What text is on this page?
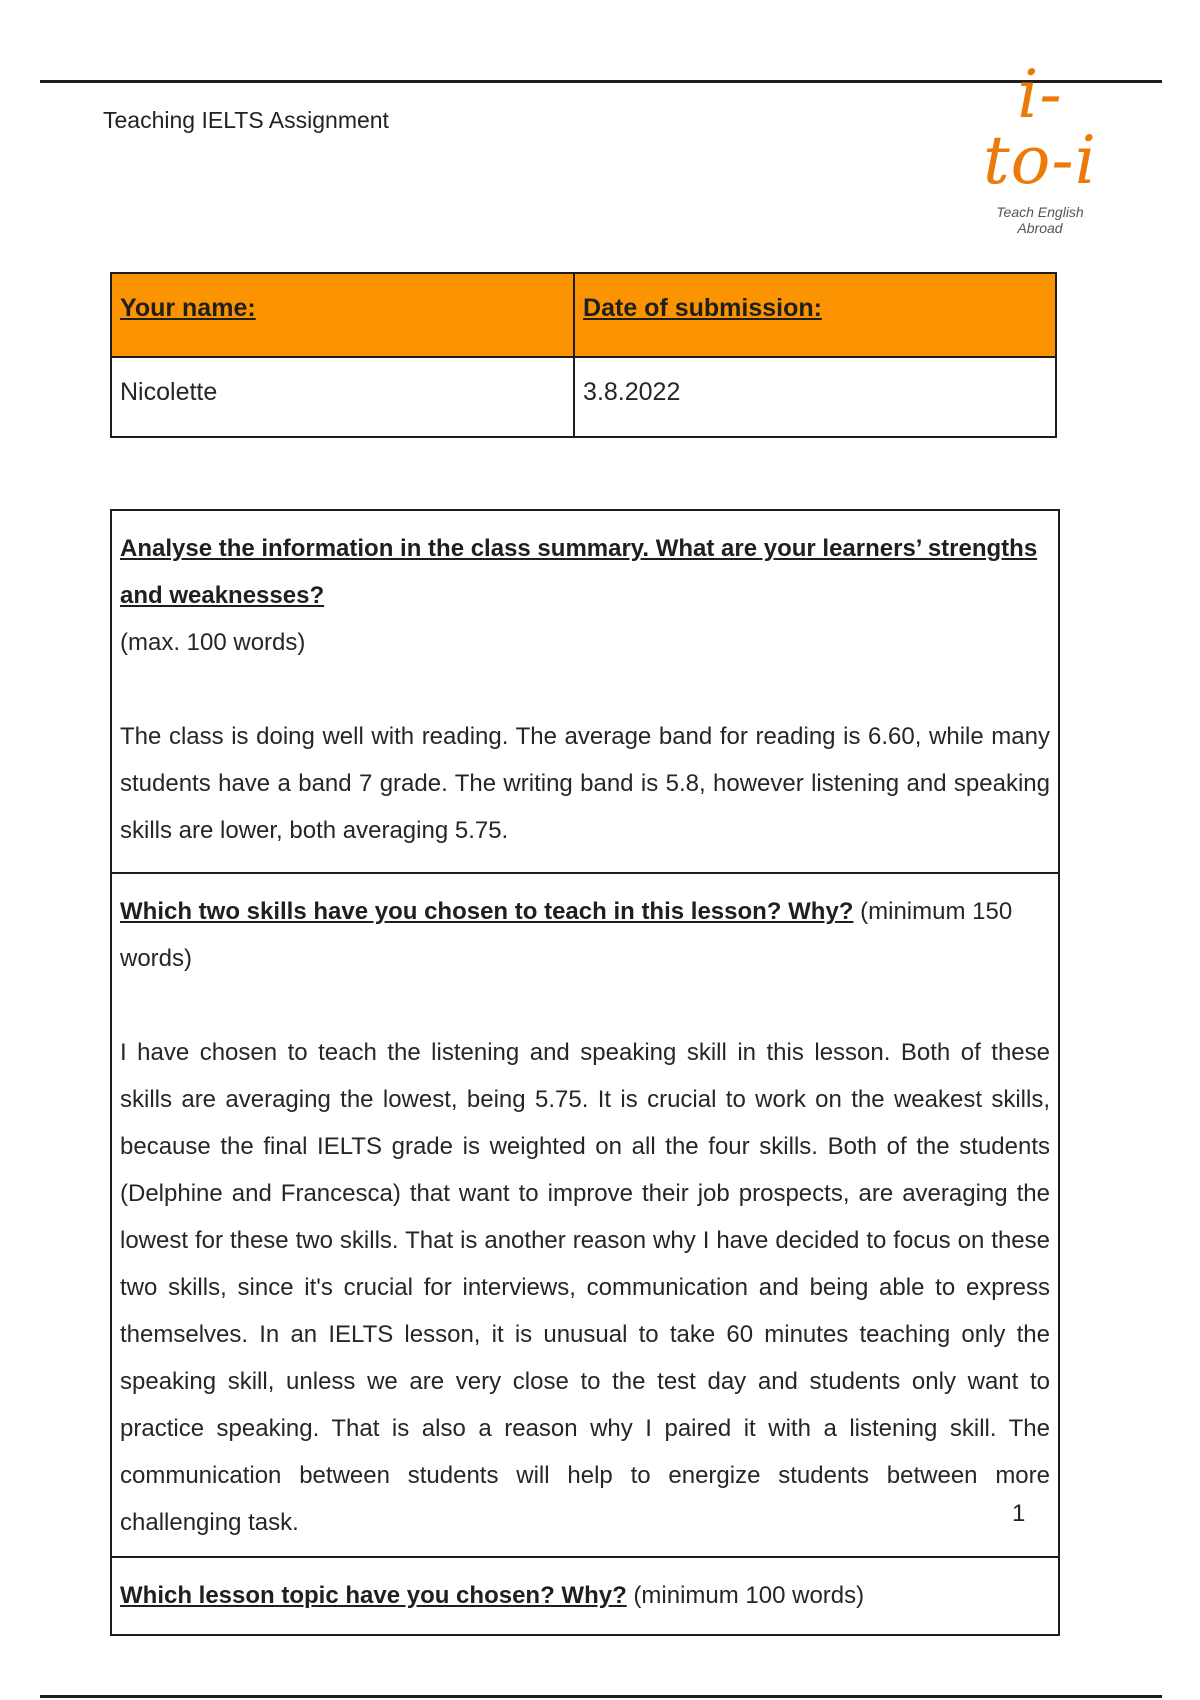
Teaching IELTS Assignment	i-to-i
Teach English Abroad
Your name:	Date of submission:
Nicolette	3.8.2022
Analyse the information in the class summary. What are your learners’ strengths and weaknesses?
(max. 100 words)

The class is doing well with reading. The average band for reading is 6.60, while many students have a band 7 grade. The writing band is 5.8, however listening and speaking skills are lower, both averaging 5.75.

Which two skills have you chosen to teach in this lesson? Why? (minimum 150 words)

I have chosen to teach the listening and speaking skill in this lesson. Both of these skills are averaging the lowest, being 5.75. It is crucial to work on the weakest skills, because the final IELTS grade is weighted on all the four skills. Both of the students (Delphine and Francesca) that want to improve their job prospects, are averaging the lowest for these two skills. That is another reason why I have decided to focus on these two skills, since it's crucial for interviews, communication and being able to express themselves. In an IELTS lesson, it is unusual to take 60 minutes teaching only the speaking skill, unless we are very close to the test day and students only want to practice speaking. That is also a reason why I paired it with a listening skill. The communication between students will help to energize students between more challenging task.

Which lesson topic have you chosen? Why? (minimum 100 words)
1
